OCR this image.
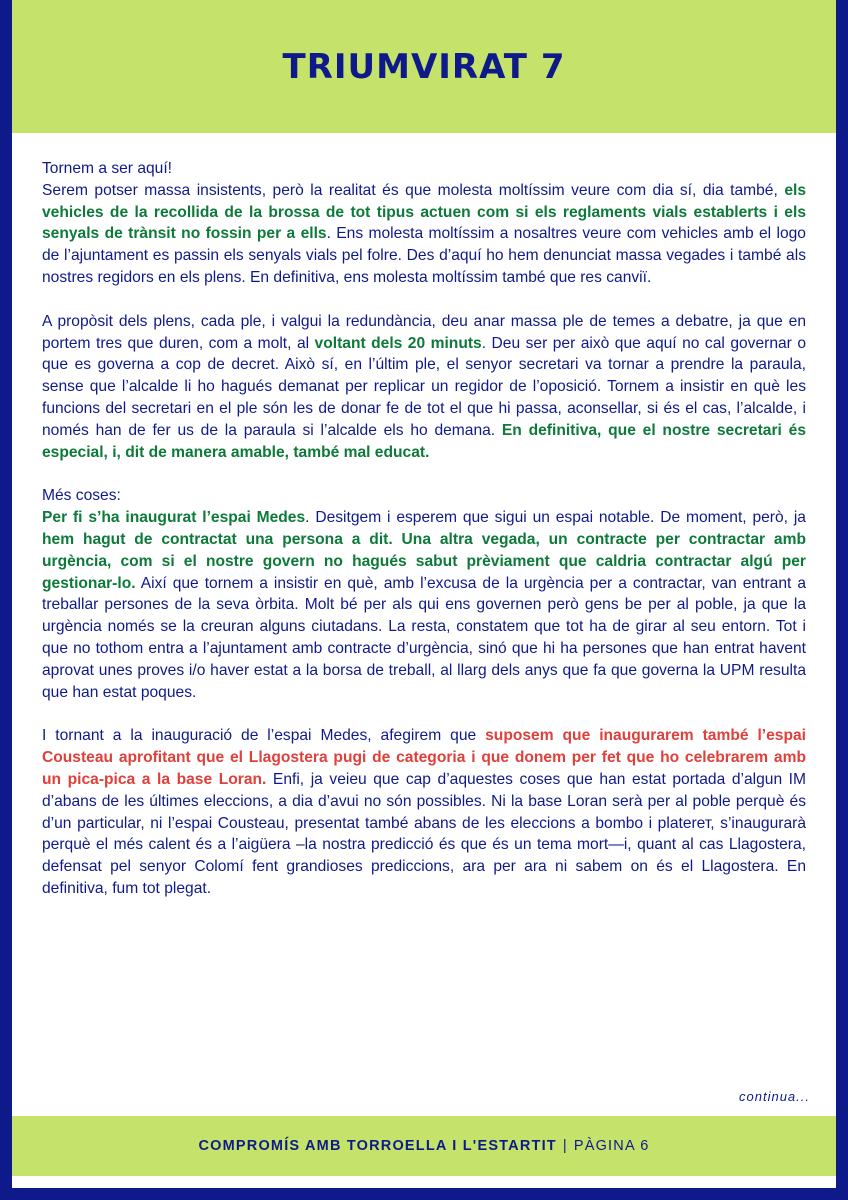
TRIUMVIRAT 7

Tornem a ser aquí!
Serem potser massa insistents, però la realitat és que molesta moltíssim veure com dia sí, dia també, els vehicles de la recollida de la brossa de tot tipus actuen com si els reglaments vials establerts i els senyals de trànsit no fossin per a ells. Ens molesta moltíssim a nosaltres veure com vehicles amb el logo de l’ajuntament es passin els senyals vials pel folre. Des d’aquí ho hem denunciat massa vegades i també als nostres regidors en els plens. En definitiva, ens molesta moltíssim també que res canviï.

A propòsit dels plens, cada ple, i valgui la redundància, deu anar massa ple de temes a debatre, ja que en portem tres que duren, com a molt, al voltant dels 20 minuts. Deu ser per això que aquí no cal governar o que es governa a cop de decret. Això sí, en l’últim ple, el senyor secretari va tornar a prendre la paraula, sense que l’alcalde li ho hagués demanat per replicar un regidor de l’oposició. Tornem a insistir en què les funcions del secretari en el ple són les de donar fe de tot el que hi passa, aconsellar, si és el cas, l’alcalde, i només han de fer us de la paraula si l’alcalde els ho demana. En definitiva, que el nostre secretari és especial, i, dit de manera amable, també mal educat.

Més coses:
Per fi s’ha inaugurat l’espai Medes. Desitgem i esperem que sigui un espai notable. De moment, però, ja hem hagut de contractat una persona a dit. Una altra vegada, un contracte per contractar amb urgència, com si el nostre govern no hagués sabut prèviament que caldria contractar algú per gestionar-lo. Així que tornem a insistir en què, amb l’excusa de la urgència per a contractar, van entrant a treballar persones de la seva òrbita. Molt bé per als qui ens governen però gens be per al poble, ja que la urgència només se la creuran alguns ciutadans. La resta, constatem que tot ha de girar al seu entorn. Tot i que no tothom entra a l’ajuntament amb contracte d’urgència, sinó que hi ha persones que han entrat havent aprovat unes proves i/o haver estat a la borsa de treball, al llarg dels anys que fa que governa la UPM resulta que han estat poques.

I tornant a la inauguració de l’espai Medes, afegirem que suposem que inaugurarem també l’espai Cousteau aprofitant que el Llagostera pugi de categoria i que donem per fet que ho celebrarem amb un pica-pica a la base Loran. Enfi, ja veieu que cap d’aquestes coses que han estat portada d’algun IM d’abans de les últimes eleccions, a dia d’avui no són possibles. Ni la base Loran serà per al poble perquè és d’un particular, ni l’espai Cousteau, presentat també abans de les eleccions a bombo i platerет, s’inaugurarà perquè el més calent és a l’aigüera –la nostra predicció és que és un tema mort—i, quant al cas Llagostera, defensat pel senyor Colomí fent grandioses prediccions, ara per ara ni sabem on és el Llagostera. En definitiva, fum tot plegat.

continua...
COMPROMÍS AMB TORROELLA I L'ESTARTIT | PÀGINA 6
